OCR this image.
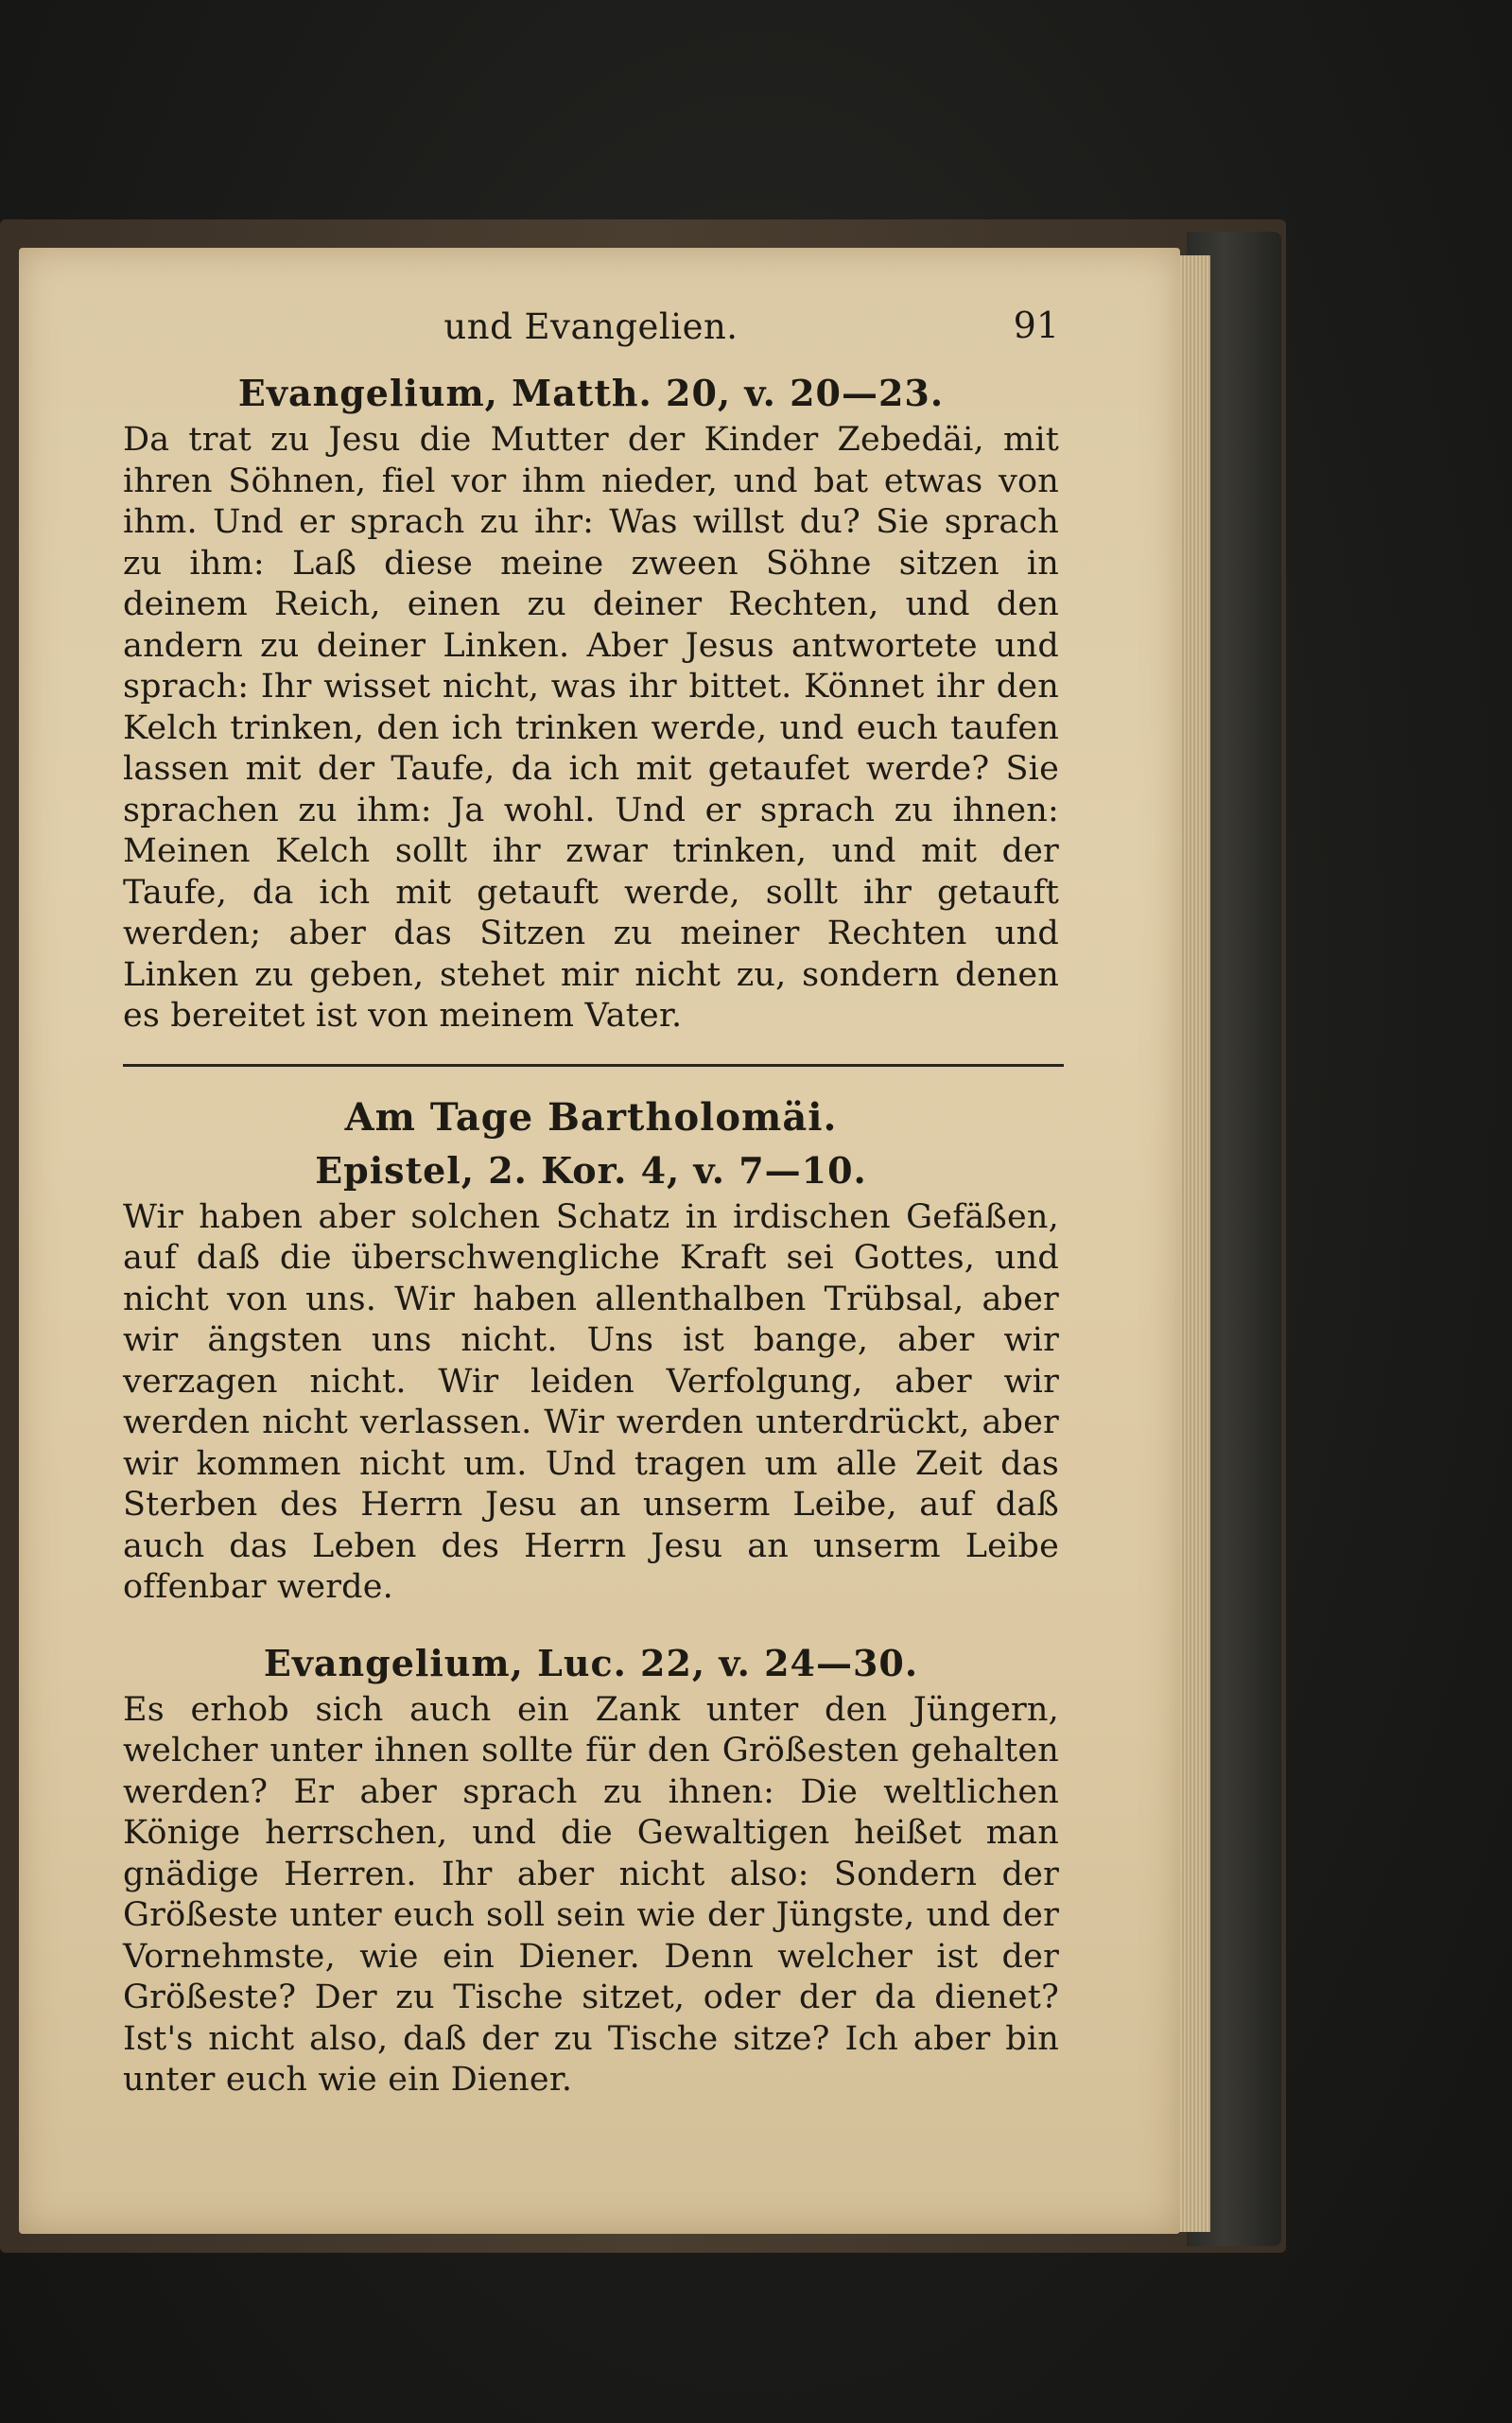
und Evangelien.	91
Evangelium, Matth. 20, v. 20—23.

Da trat zu Jesu die Mutter der Kinder Zebedäi, mit ihren Söhnen, fiel vor ihm nieder, und bat etwas von ihm. Und er sprach zu ihr: Was willst du? Sie sprach zu ihm: Laß diese meine zween Söhne sitzen in deinem Reich, einen zu deiner Rechten, und den andern zu deiner Linken. Aber Jesus antwortete und sprach: Ihr wisset nicht, was ihr bittet. Könnet ihr den Kelch trinken, den ich trinken werde, und euch taufen lassen mit der Taufe, da ich mit getaufet werde? Sie sprachen zu ihm: Ja wohl. Und er sprach zu ihnen: Meinen Kelch sollt ihr zwar trinken, und mit der Taufe, da ich mit getauft werde, sollt ihr getauft werden; aber das Sitzen zu meiner Rechten und Linken zu geben, stehet mir nicht zu, sondern denen es bereitet ist von meinem Vater.

Am Tage Bartholomäi.
Epistel, 2. Kor. 4, v. 7—10.

Wir haben aber solchen Schatz in irdischen Gefäßen, auf daß die überschwengliche Kraft sei Gottes, und nicht von uns. Wir haben allenthalben Trübsal, aber wir ängsten uns nicht. Uns ist bange, aber wir verzagen nicht. Wir leiden Verfolgung, aber wir werden nicht verlassen. Wir werden unterdrückt, aber wir kommen nicht um. Und tragen um alle Zeit das Sterben des Herrn Jesu an unserm Leibe, auf daß auch das Leben des Herrn Jesu an unserm Leibe offenbar werde.

Evangelium, Luc. 22, v. 24—30.

Es erhob sich auch ein Zank unter den Jüngern, welcher unter ihnen sollte für den Größesten gehalten werden? Er aber sprach zu ihnen: Die weltlichen Könige herrschen, und die Gewaltigen heißet man gnädige Herren. Ihr aber nicht also: Sondern der Größeste unter euch soll sein wie der Jüngste, und der Vornehmste, wie ein Diener. Denn welcher ist der Größeste? Der zu Tische sitzet, oder der da dienet? Ist's nicht also, daß der zu Tische sitze? Ich aber bin unter euch wie ein Diener.
